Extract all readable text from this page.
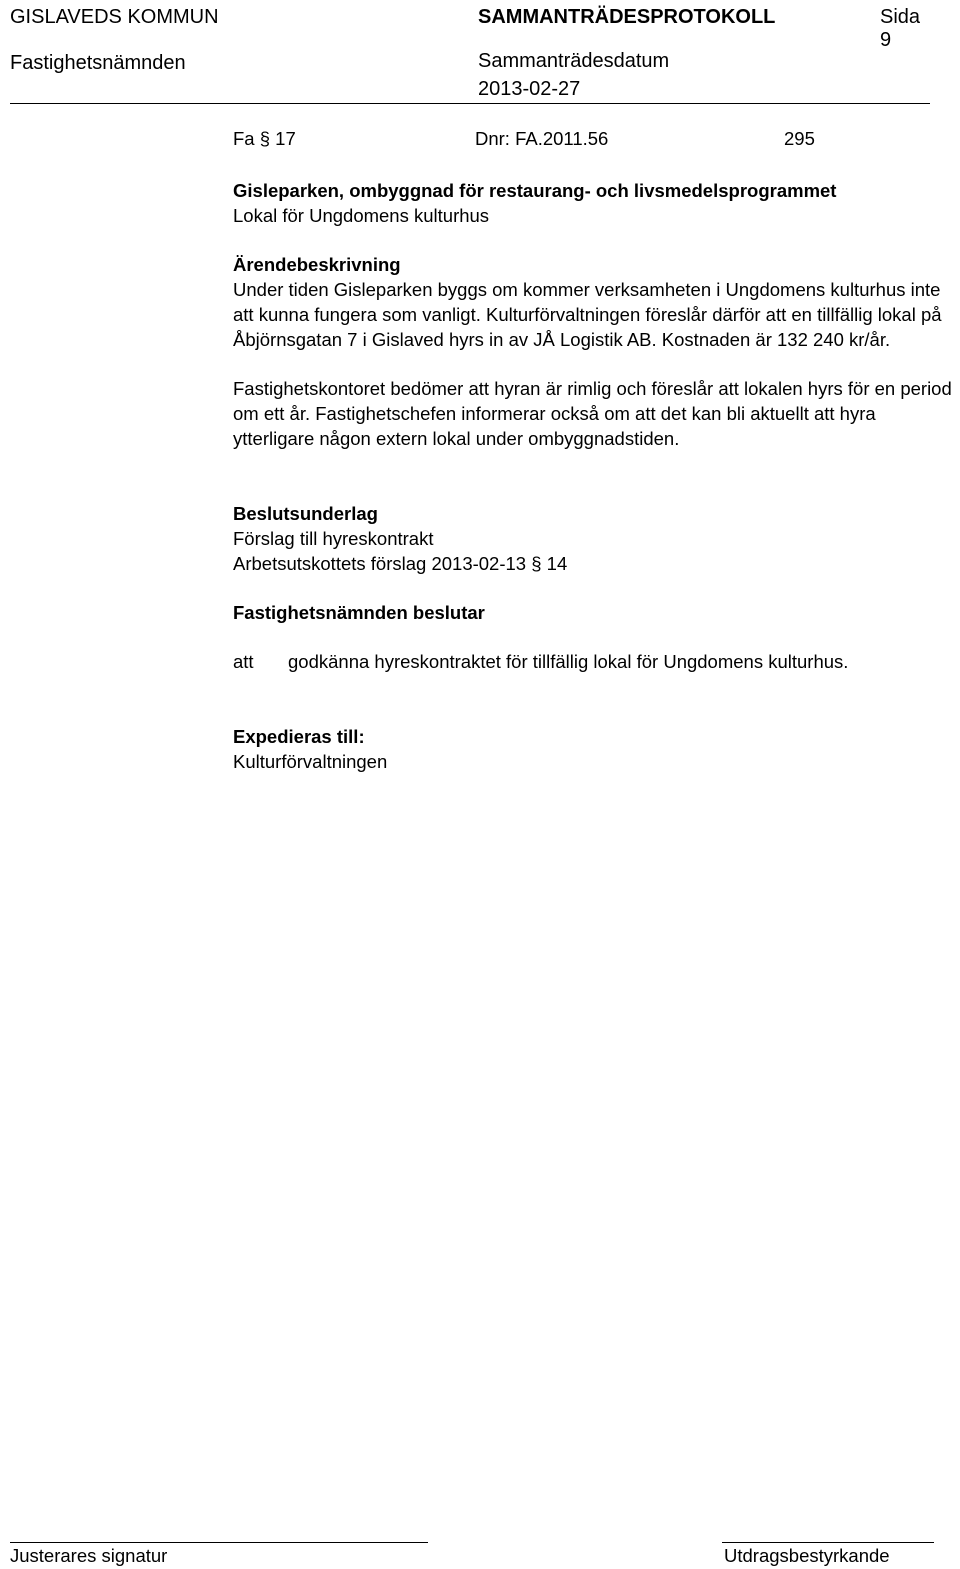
GISLAVEDS KOMMUN	SAMMANTRÄDESPROTOKOLL	Sida
9
Fastighetsnämnden	Sammanträdesdatum
2013-02-27
Fa § 17	Dnr: FA.2011.56	295
Gisleparken, ombyggnad för restaurang- och livsmedelsprogrammet
Lokal för Ungdomens kulturhus
Ärendebeskrivning

Under tiden Gisleparken byggs om kommer verksamheten i Ungdomens kulturhus inte att kunna fungera som vanligt. Kulturförvaltningen föreslår därför att en tillfällig lokal på Åbjörnsgatan 7 i Gislaved hyrs in av JÅ Logistik AB. Kostnaden är 132 240 kr/år.

Fastighetskontoret bedömer att hyran är rimlig och föreslår att lokalen hyrs för en period om ett år. Fastighetschefen informerar också om att det kan bli aktuellt att hyra ytterligare någon extern lokal under ombyggnadstiden.

Beslutsunderlag
Förslag till hyreskontrakt
Arbetsutskottets förslag 2013-02-13 § 14
Fastighetsnämnden beslutar
att godkänna hyreskontraktet för tillfällig lokal för Ungdomens kulturhus.
Expedieras till:
Kulturförvaltningen
Justerares signatur	Utdragsbestyrkande
